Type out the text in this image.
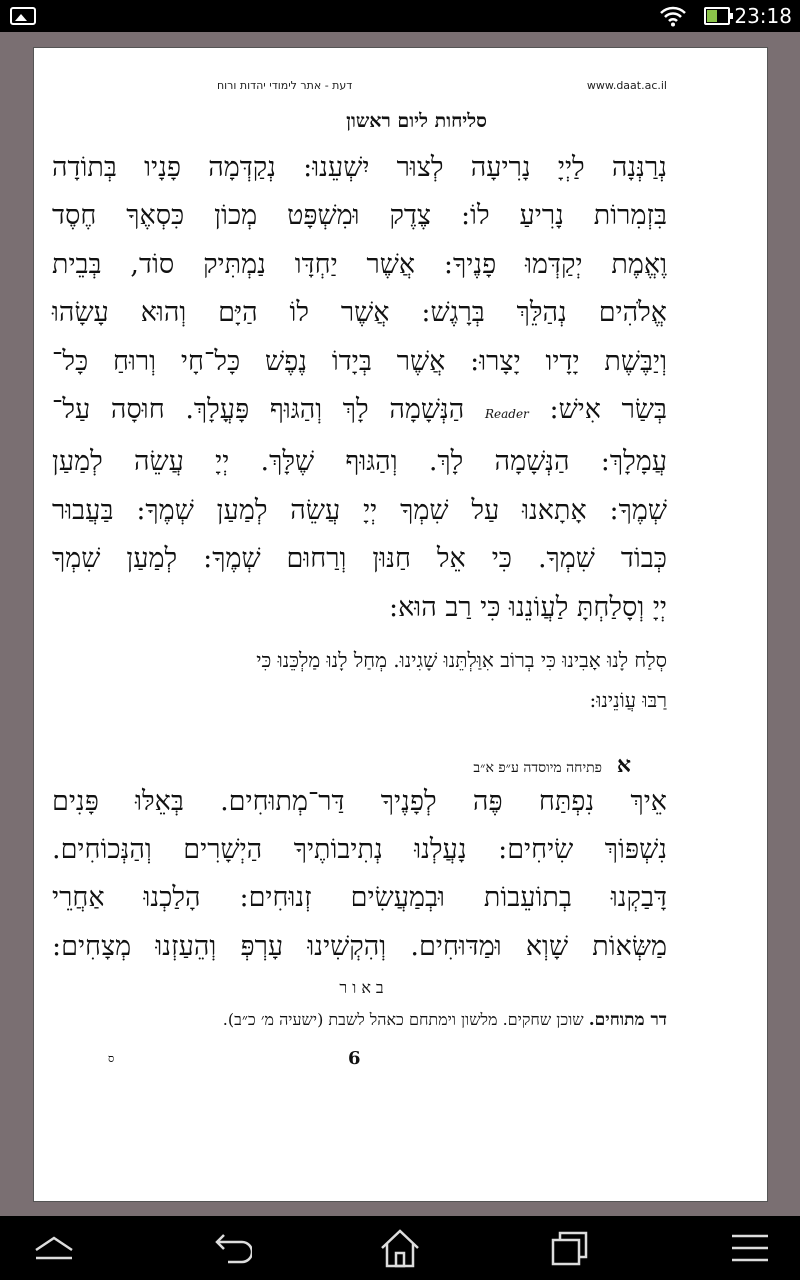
23:18
דעת - אתר לימודי יהדות ורוח	www.daat.ac.il
סליחות ליום ראשון
נְרַנְּנָה לַיְיָ נָרִיעָה לְצוּר יִשְׁעֵנוּ: נְקַדְּמָה פָנָיו בְּתוֹדָה
בִּזְמִרוֹת נָרִיעַ לוֹ: צֶדֶק וּמִשְׁפָּט מְכוֹן כִּסְאֶךָ חֶסֶד
וֶאֱמֶת יְקַדְּמוּ פָנֶיךָ: אֲשֶׁר יַחְדָּו נַמְתִּיק סוֹד, בְּבֵית
אֱלֹהִים נְהַלֵּךְ בְּרָגֶשׁ: אֲשֶׁר לוֹ הַיָּם וְהוּא עָשָׂהוּ
וְיַבֶּשֶׁת יָדָיו יָצָרוּ: אֲשֶׁר בְּיָדוֹ נֶפֶשׁ כָּל־חָי וְרוּחַ כָּל־
בְּשַׂר אִישׁ: Reader הַנְּשָׁמָה לָךְ וְהַגּוּף פָּעֳלָךְ. חוּסָה עַל־
עֲמָלָךְ: הַנְּשָׁמָה לָךְ. וְהַגּוּף שֶׁלָּךְ. יְיָ עֲשֵׂה לְמַעַן
שְׁמֶךָ: אָתָאנוּ עַל שִׁמְךָ יְיָ עֲשֵׂה לְמַעַן שְׁמֶךָ: בַּעֲבוּר
כְּבוֹד שִׁמְךָ. כִּי אֵל חַנּוּן וְרַחוּם שְׁמֶךָ: לְמַעַן שִׁמְךָ
יְיָ וְסָלַחְתָּ לַעֲוֹנֵנוּ כִּי רַב הוּא:
סְלַח לָנוּ אָבִינוּ כִּי בְרוֹב אִוַּלְתֵּנוּ שָׁגִינוּ. מְחַל לָנוּ מַלְכֵּנוּ כִּי
רַבּוּ עֲוֹנֵינוּ:
א
פתיחה מיוסדה ע״פ א״ב
אֵיךְ נִפְתַּח פֶּה לְפָנֶיךָ דַּר־מְתוּחִים. בְּאֵלּוּ פָּנִים
נִשְׁפּוֹךְ שִׂיחִים: נָעֲלְנוּ נְתִיבוֹתֶיךָ הַיְשָׁרִים וְהַנְּכוֹחִים.
דָּבַקְנוּ בְתוֹעֵבוֹת וּבְמַעֲשִׂים זְנוּחִים: הָלַכְנוּ אַחֲרֵי
מַשְּׂאוֹת שָׁוְא וּמַדּוּחִים. וְהִקְשִׁינוּ עָרְפְּ וְהֵעַזְנוּ מְצָחִים:
באור
דר מתוחים. שוכן שחקים. מלשון וימתחם כאהל לשבת (ישעיה מ׳ כ״ב).
6
ס
